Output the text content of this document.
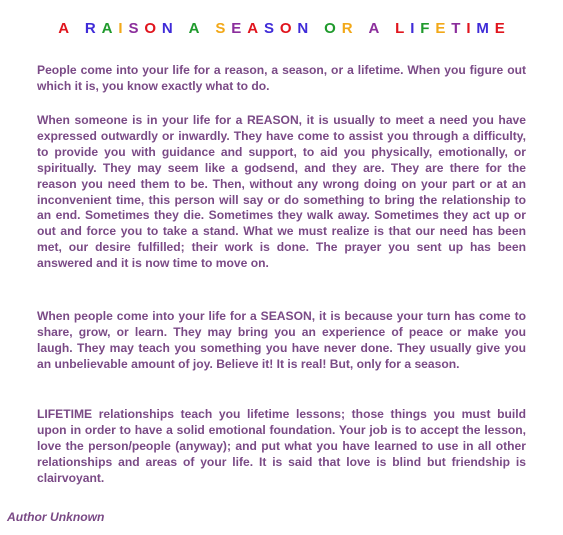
A R A I S O N A S E A S O N O R A L I F E T I M E

People come into your life for a reason, a season, or a lifetime. When you figure out which it is, you know exactly what to do.

When someone is in your life for a REASON, it is usually to meet a need you have expressed outwardly or inwardly. They have come to assist you through a difficulty, to provide you with guidance and support, to aid you physically, emotionally, or spiritually. They may seem like a godsend, and they are. They are there for the reason you need them to be. Then, without any wrong doing on your part or at an inconvenient time, this person will say or do something to bring the relationship to an end. Sometimes they die. Sometimes they walk away. Sometimes they act up or out and force you to take a stand. What we must realize is that our need has been met, our desire fulfilled; their work is done. The prayer you sent up has been answered and it is now time to move on.

When people come into your life for a SEASON, it is because your turn has come to share, grow, or learn. They may bring you an experience of peace or make you laugh. They may teach you something you have never done. They usually give you an unbelievable amount of joy. Believe it! It is real! But, only for a season.

LIFETIME relationships teach you lifetime lessons; those things you must build upon in order to have a solid emotional foundation. Your job is to accept the lesson, love the person/people (anyway); and put what you have learned to use in all other relationships and areas of your life. It is said that love is blind but friendship is clairvoyant.

Author Unknown
